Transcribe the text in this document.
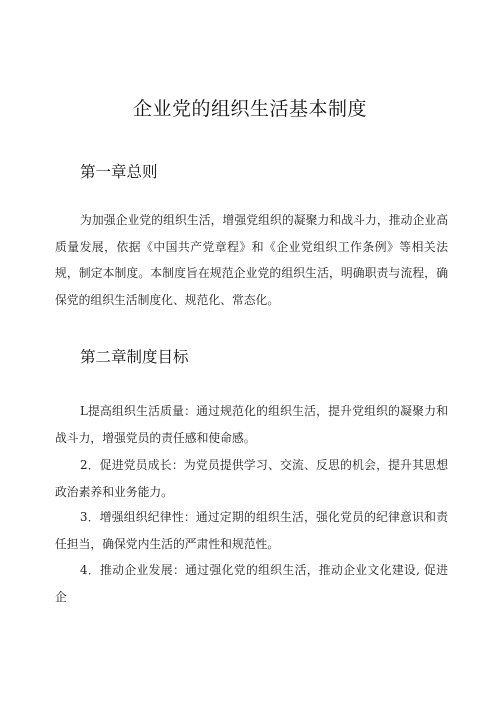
企业党的组织生活基本制度
第一章总则

为加强企业党的组织生活，增强党组织的凝聚力和战斗力，推动企业高质量发展，依据《中国共产党章程》和《企业党组织工作条例》等相关法规，制定本制度。本制度旨在规范企业党的组织生活，明确职责与流程，确保党的组织生活制度化、规范化、常态化。

第二章制度目标

L提高组织生活质量：通过规范化的组织生活，提升党组织的凝聚力和战斗力，增强党员的责任感和使命感。

2．促进党员成长：为党员提供学习、交流、反思的机会，提升其思想政治素养和业务能力。

3．增强组织纪律性：通过定期的组织生活，强化党员的纪律意识和责任担当，确保党内生活的严肃性和规范性。

4．推动企业发展：通过强化党的组织生活，推动企业文化建设, 促进企
